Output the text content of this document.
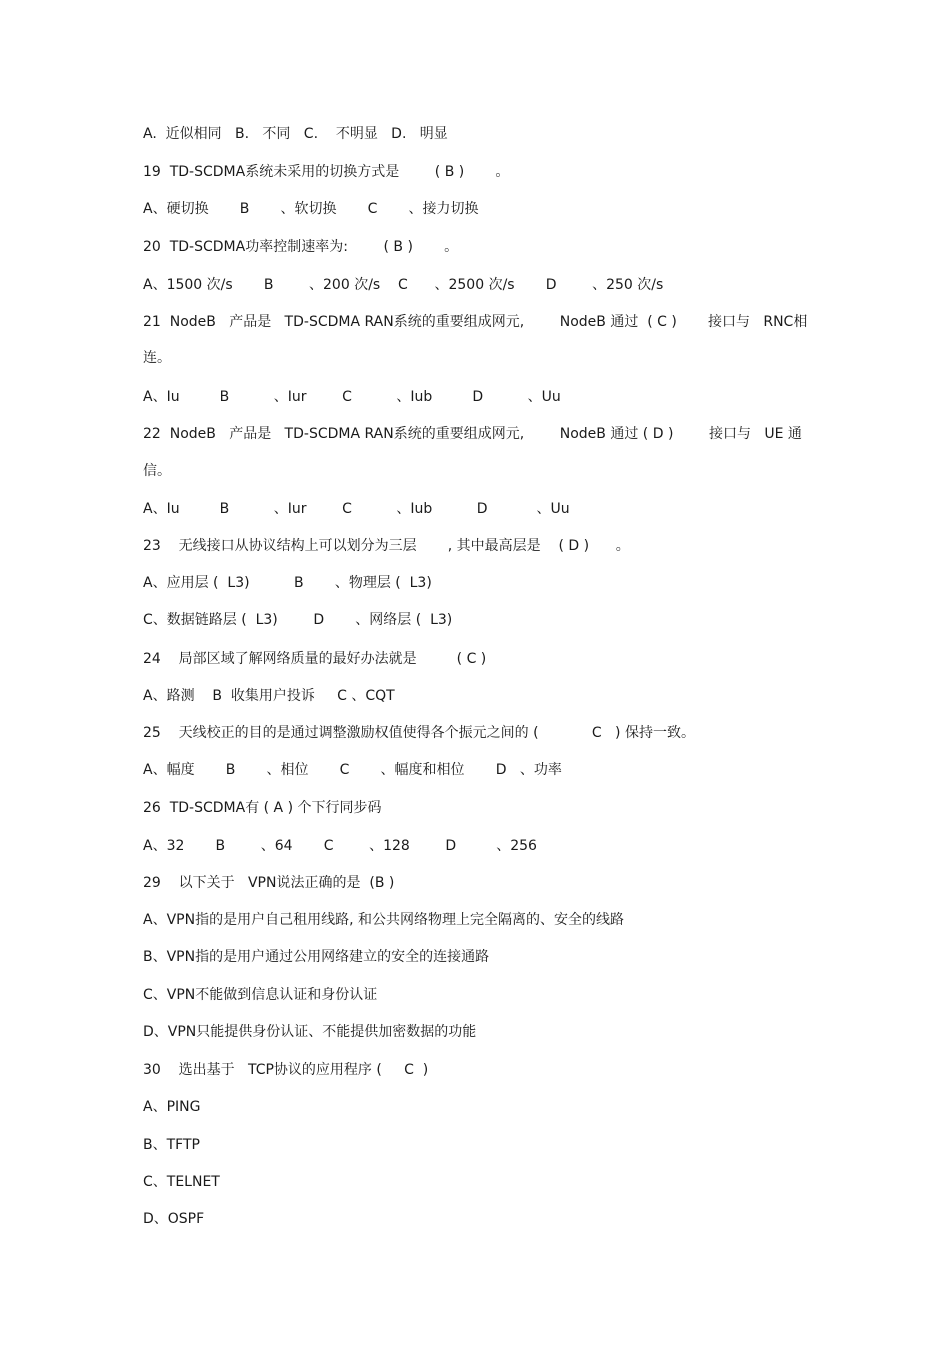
A.  近似相同   B.   不同   C.    不明显   D.   明显
19  TD-SCDMA系统未采用的切换方式是        ( B )       。
A、硬切换       B       、软切换       C       、接力切换
20  TD-SCDMA功率控制速率为:        ( B )       。
A、1500 次/s       B        、200 次/s    C      、2500 次/s       D        、250 次/s
21  NodeB   产品是   TD-SCDMA RAN系统的重要组成网元,        NodeB 通过  ( C )       接口与   RNC相
连。
A、Iu         B          、Iur        C          、Iub         D          、Uu
22  NodeB   产品是   TD-SCDMA RAN系统的重要组成网元,        NodeB 通过 ( D )        接口与   UE 通
信。
A、Iu         B          、Iur        C          、Iub          D           、Uu
23    无线接口从协议结构上可以划分为三层       , 其中最高层是    ( D )      。
A、应用层 (  L3)          B       、物理层 (  L3)
C、数据链路层 (  L3)        D       、网络层 (  L3)
24    局部区域了解网络质量的最好办法就是         ( C )
A、路测    B  收集用户投诉     C 、CQT
25    天线校正的目的是通过调整激励权值使得各个振元之间的 (            C   ) 保持一致。
A、幅度       B       、相位       C       、幅度和相位       D   、功率
26  TD-SCDMA有 ( A ) 个下行同步码
A、32       B        、64       C        、128        D         、256
29    以下关于   VPN说法正确的是  (B )
A、VPN指的是用户自己租用线路, 和公共网络物理上完全隔离的、安全的线路
B、VPN指的是用户通过公用网络建立的安全的连接通路
C、VPN不能做到信息认证和身份认证
D、VPN只能提供身份认证、不能提供加密数据的功能
30    选出基于   TCP协议的应用程序 (     C  )
A、PING
B、TFTP
C、TELNET
D、OSPF
